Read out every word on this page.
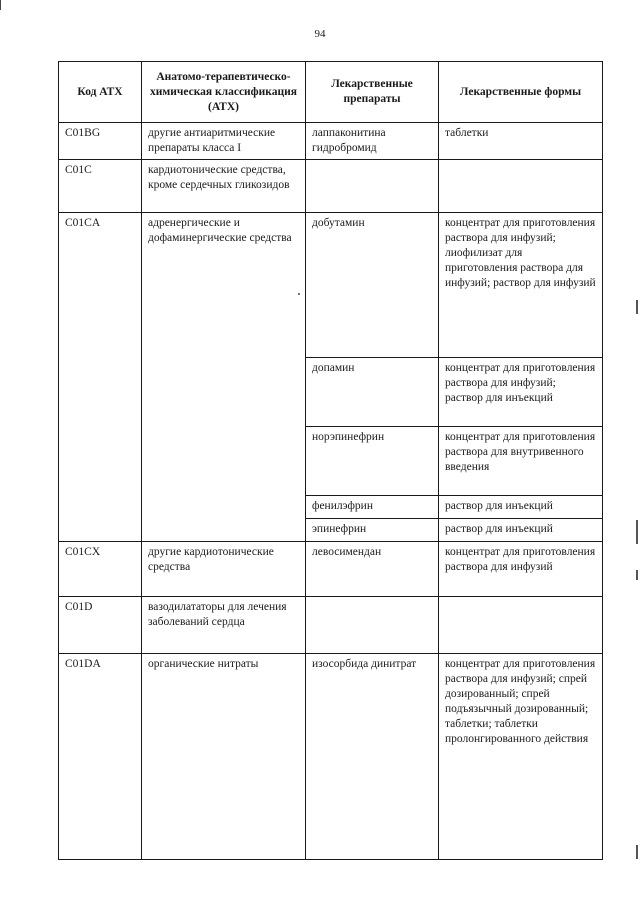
94
Код АТХ	Анатомо-терапевтическо-химическая классификация (АТХ)	Лекарственные препараты	Лекарственные формы
C01BG	другие антиаритмические препараты класса I	лаппаконитина гидробромид	таблетки
C01C	кардиотонические средства, кроме сердечных гликозидов		
C01CA	адренергические и дофаминергические средства	добутамин	концентрат для приготовления раствора для инфузий; лиофилизат для приготовления раствора для инфузий; раствор для инфузий
		допамин	концентрат для приготовления раствора для инфузий; раствор для инъекций
		норэпинефрин	концентрат для приготовления раствора для внутривенного введения
		фенилэфрин	раствор для инъекций
		эпинефрин	раствор для инъекций
C01CX	другие кардиотонические средства	левосимендан	концентрат для приготовления раствора для инфузий
C01D	вазодилататоры для лечения заболеваний сердца		
C01DA	органические нитраты	изосорбида динитрат	концентрат для приготовления раствора для инфузий; спрей дозированный; спрей подъязычный дозированный; таблетки; таблетки пролонгированного действия
